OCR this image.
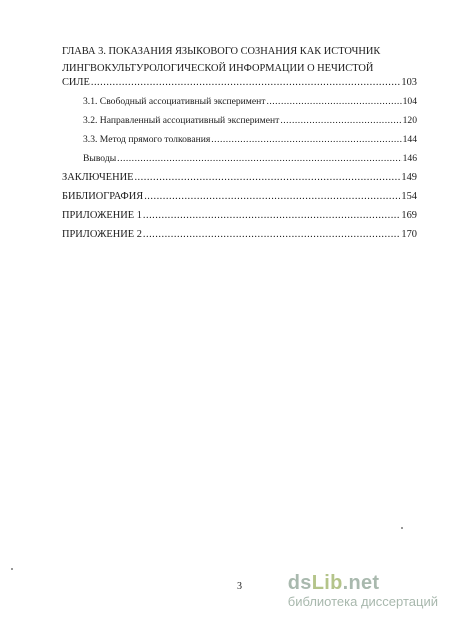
ГЛАВА 3. ПОКАЗАНИЯ ЯЗЫКОВОГО СОЗНАНИЯ КАК ИСТОЧНИК
ЛИНГВОКУЛЬТУРОЛОГИЧЕСКОЙ ИНФОРМАЦИИ О НЕЧИСТОЙ
СИЛЕ .....	103
3.1. Свободный ассоциативный эксперимент .....	104
3.2. Направленный ассоциативный эксперимент .....	120
3.3. Метод прямого толкования .....	144
Выводы .....	146
ЗАКЛЮЧЕНИЕ .....	149
БИБЛИОГРАФИЯ .....	154
ПРИЛОЖЕНИЕ 1 .....	169
ПРИЛОЖЕНИЕ 2 .....	170
3 dsLib.net
библиотека диссертаций
